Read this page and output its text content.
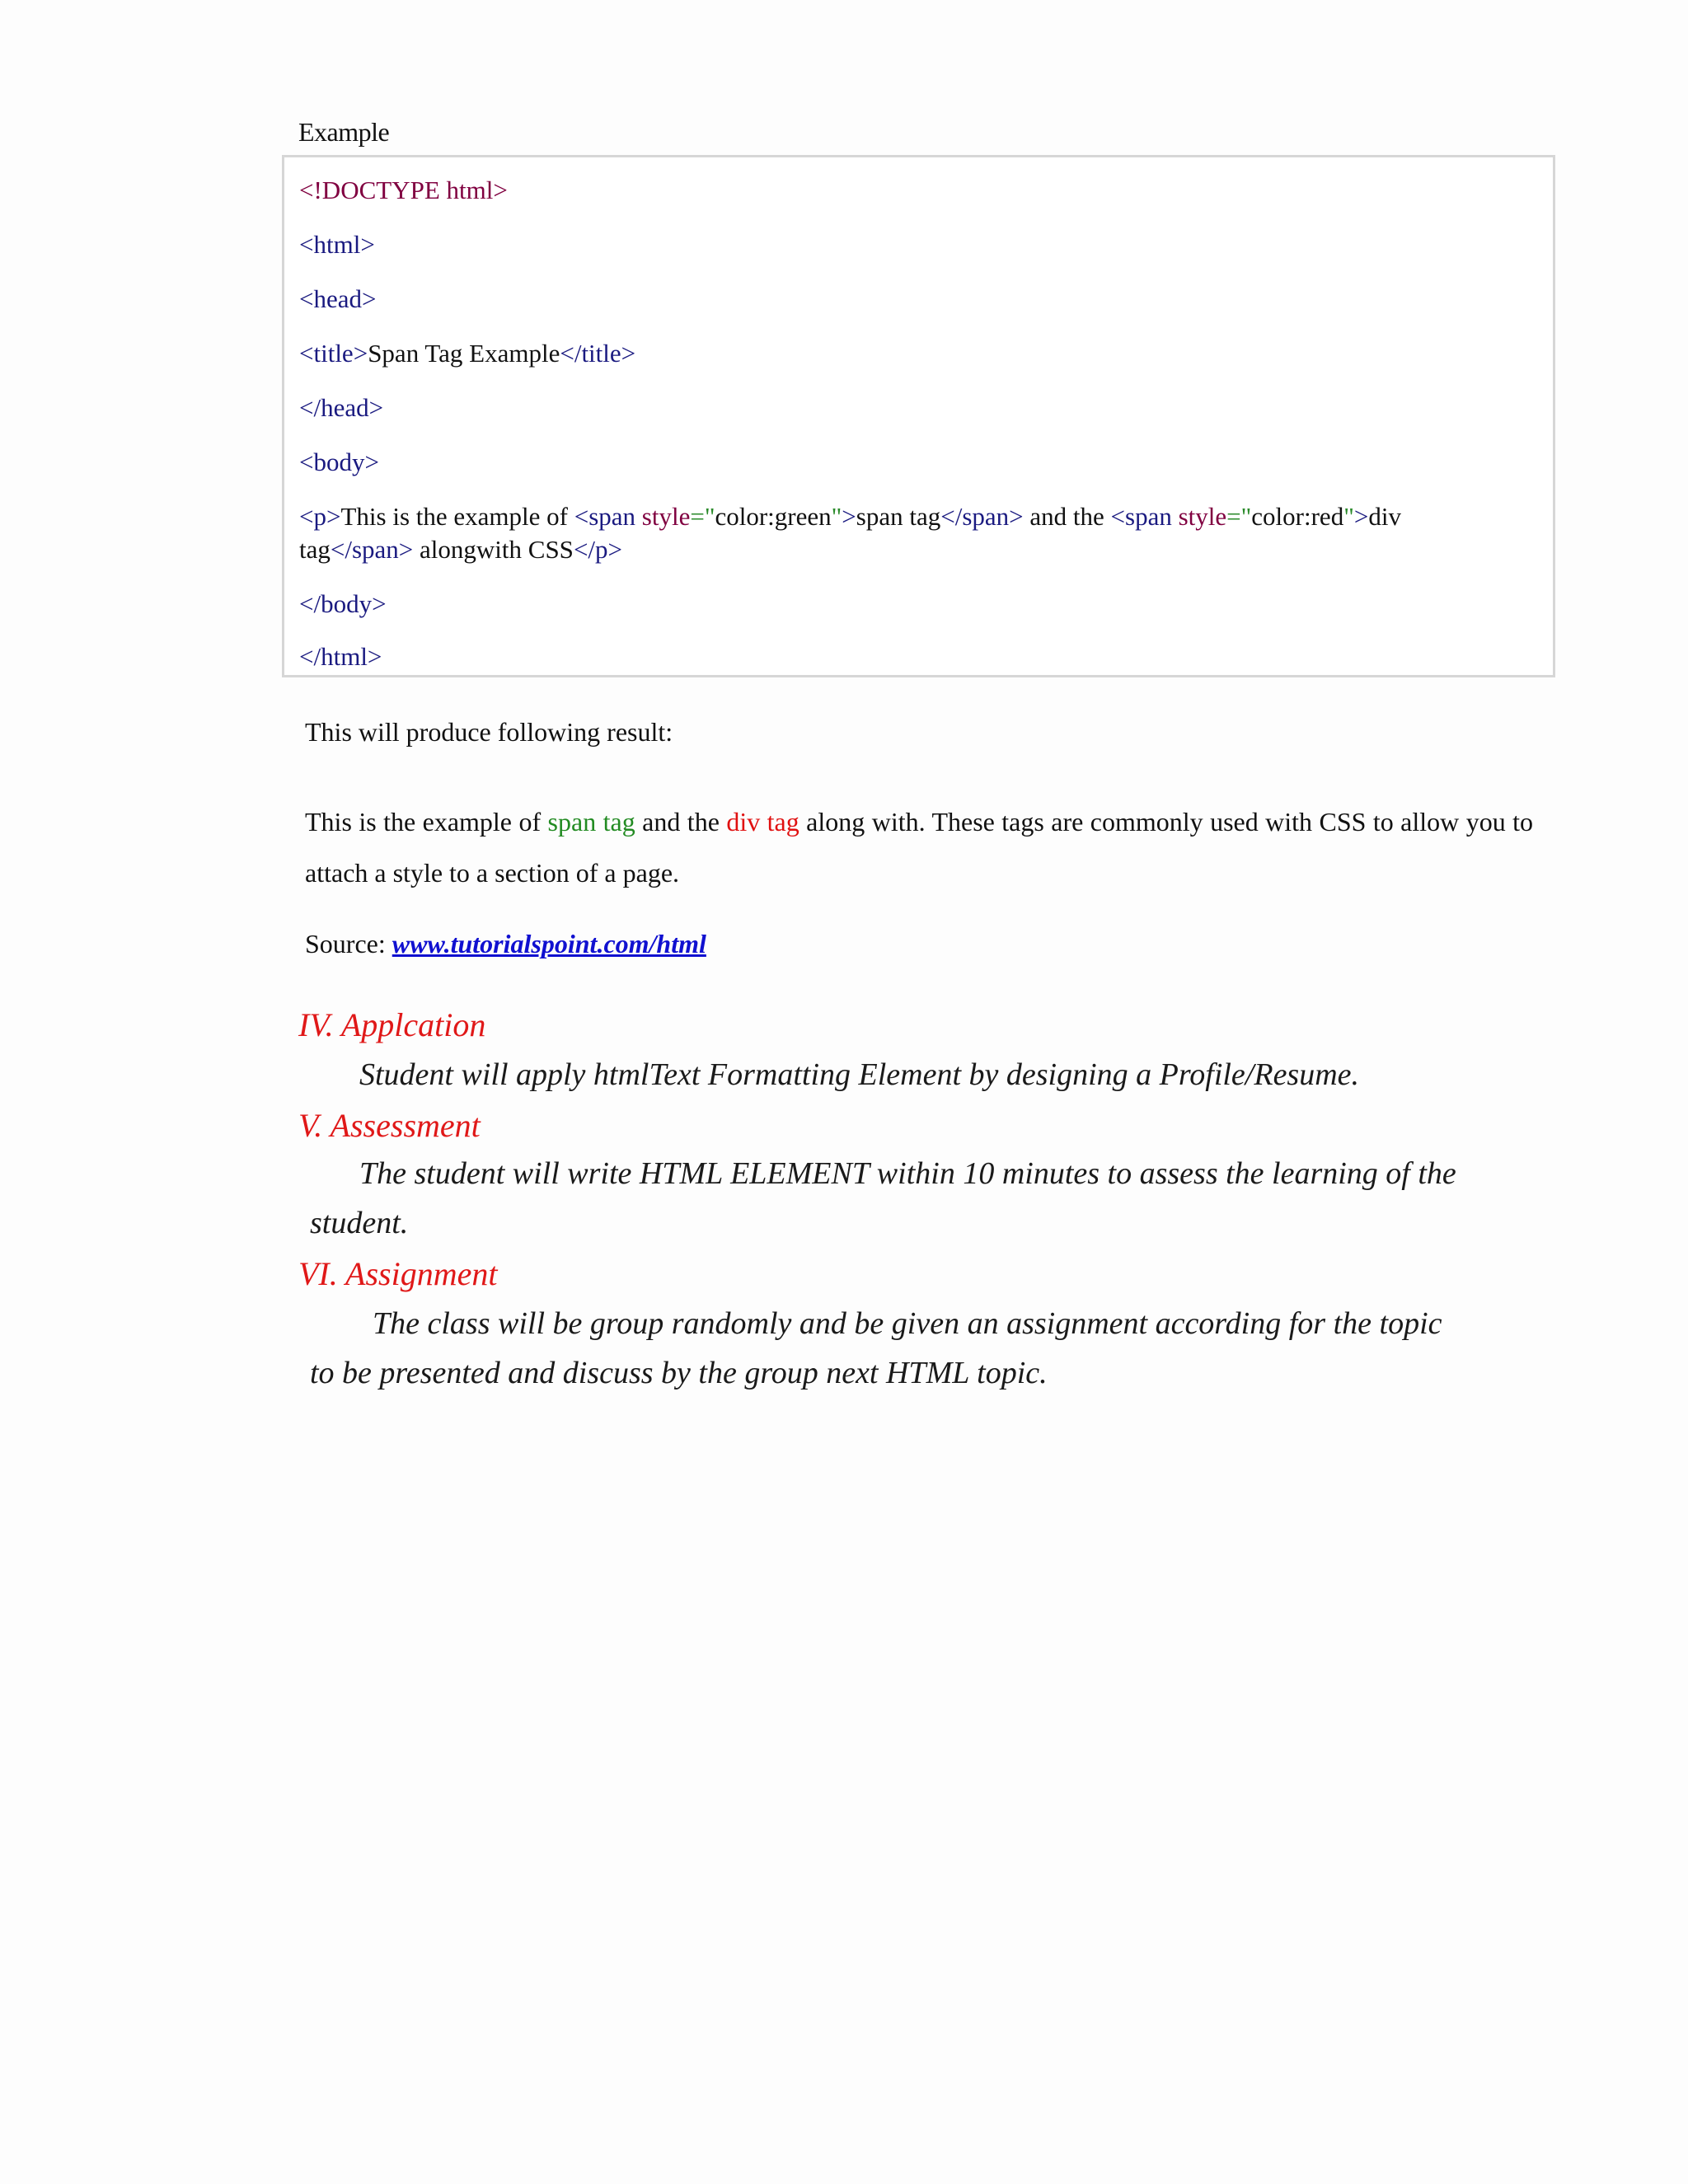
Example
<!DOCTYPE html>
<html>
<head>
<title>Span Tag Example</title>
</head>
<body>
<p>This is the example of <span style="color:green">span tag</span> and the <span style="color:red">div
tag</span> alongwith CSS</p>
</body>
</html>
This will produce following result:
This is the example of span tag and the div tag along with. These tags are commonly used with CSS to allow you to attach a style to a section of a page.
Source: www.tutorialspoint.com/html
IV. Applcation
Student will apply htmlText Formatting Element by designing a Profile/Resume.
V. Assessment
The student will write HTML ELEMENT within 10 minutes to assess the learning of the
student.
VI. Assignment
The class will be group randomly and be given an assignment according for the topic
to be presented and discuss by the group next HTML topic.
